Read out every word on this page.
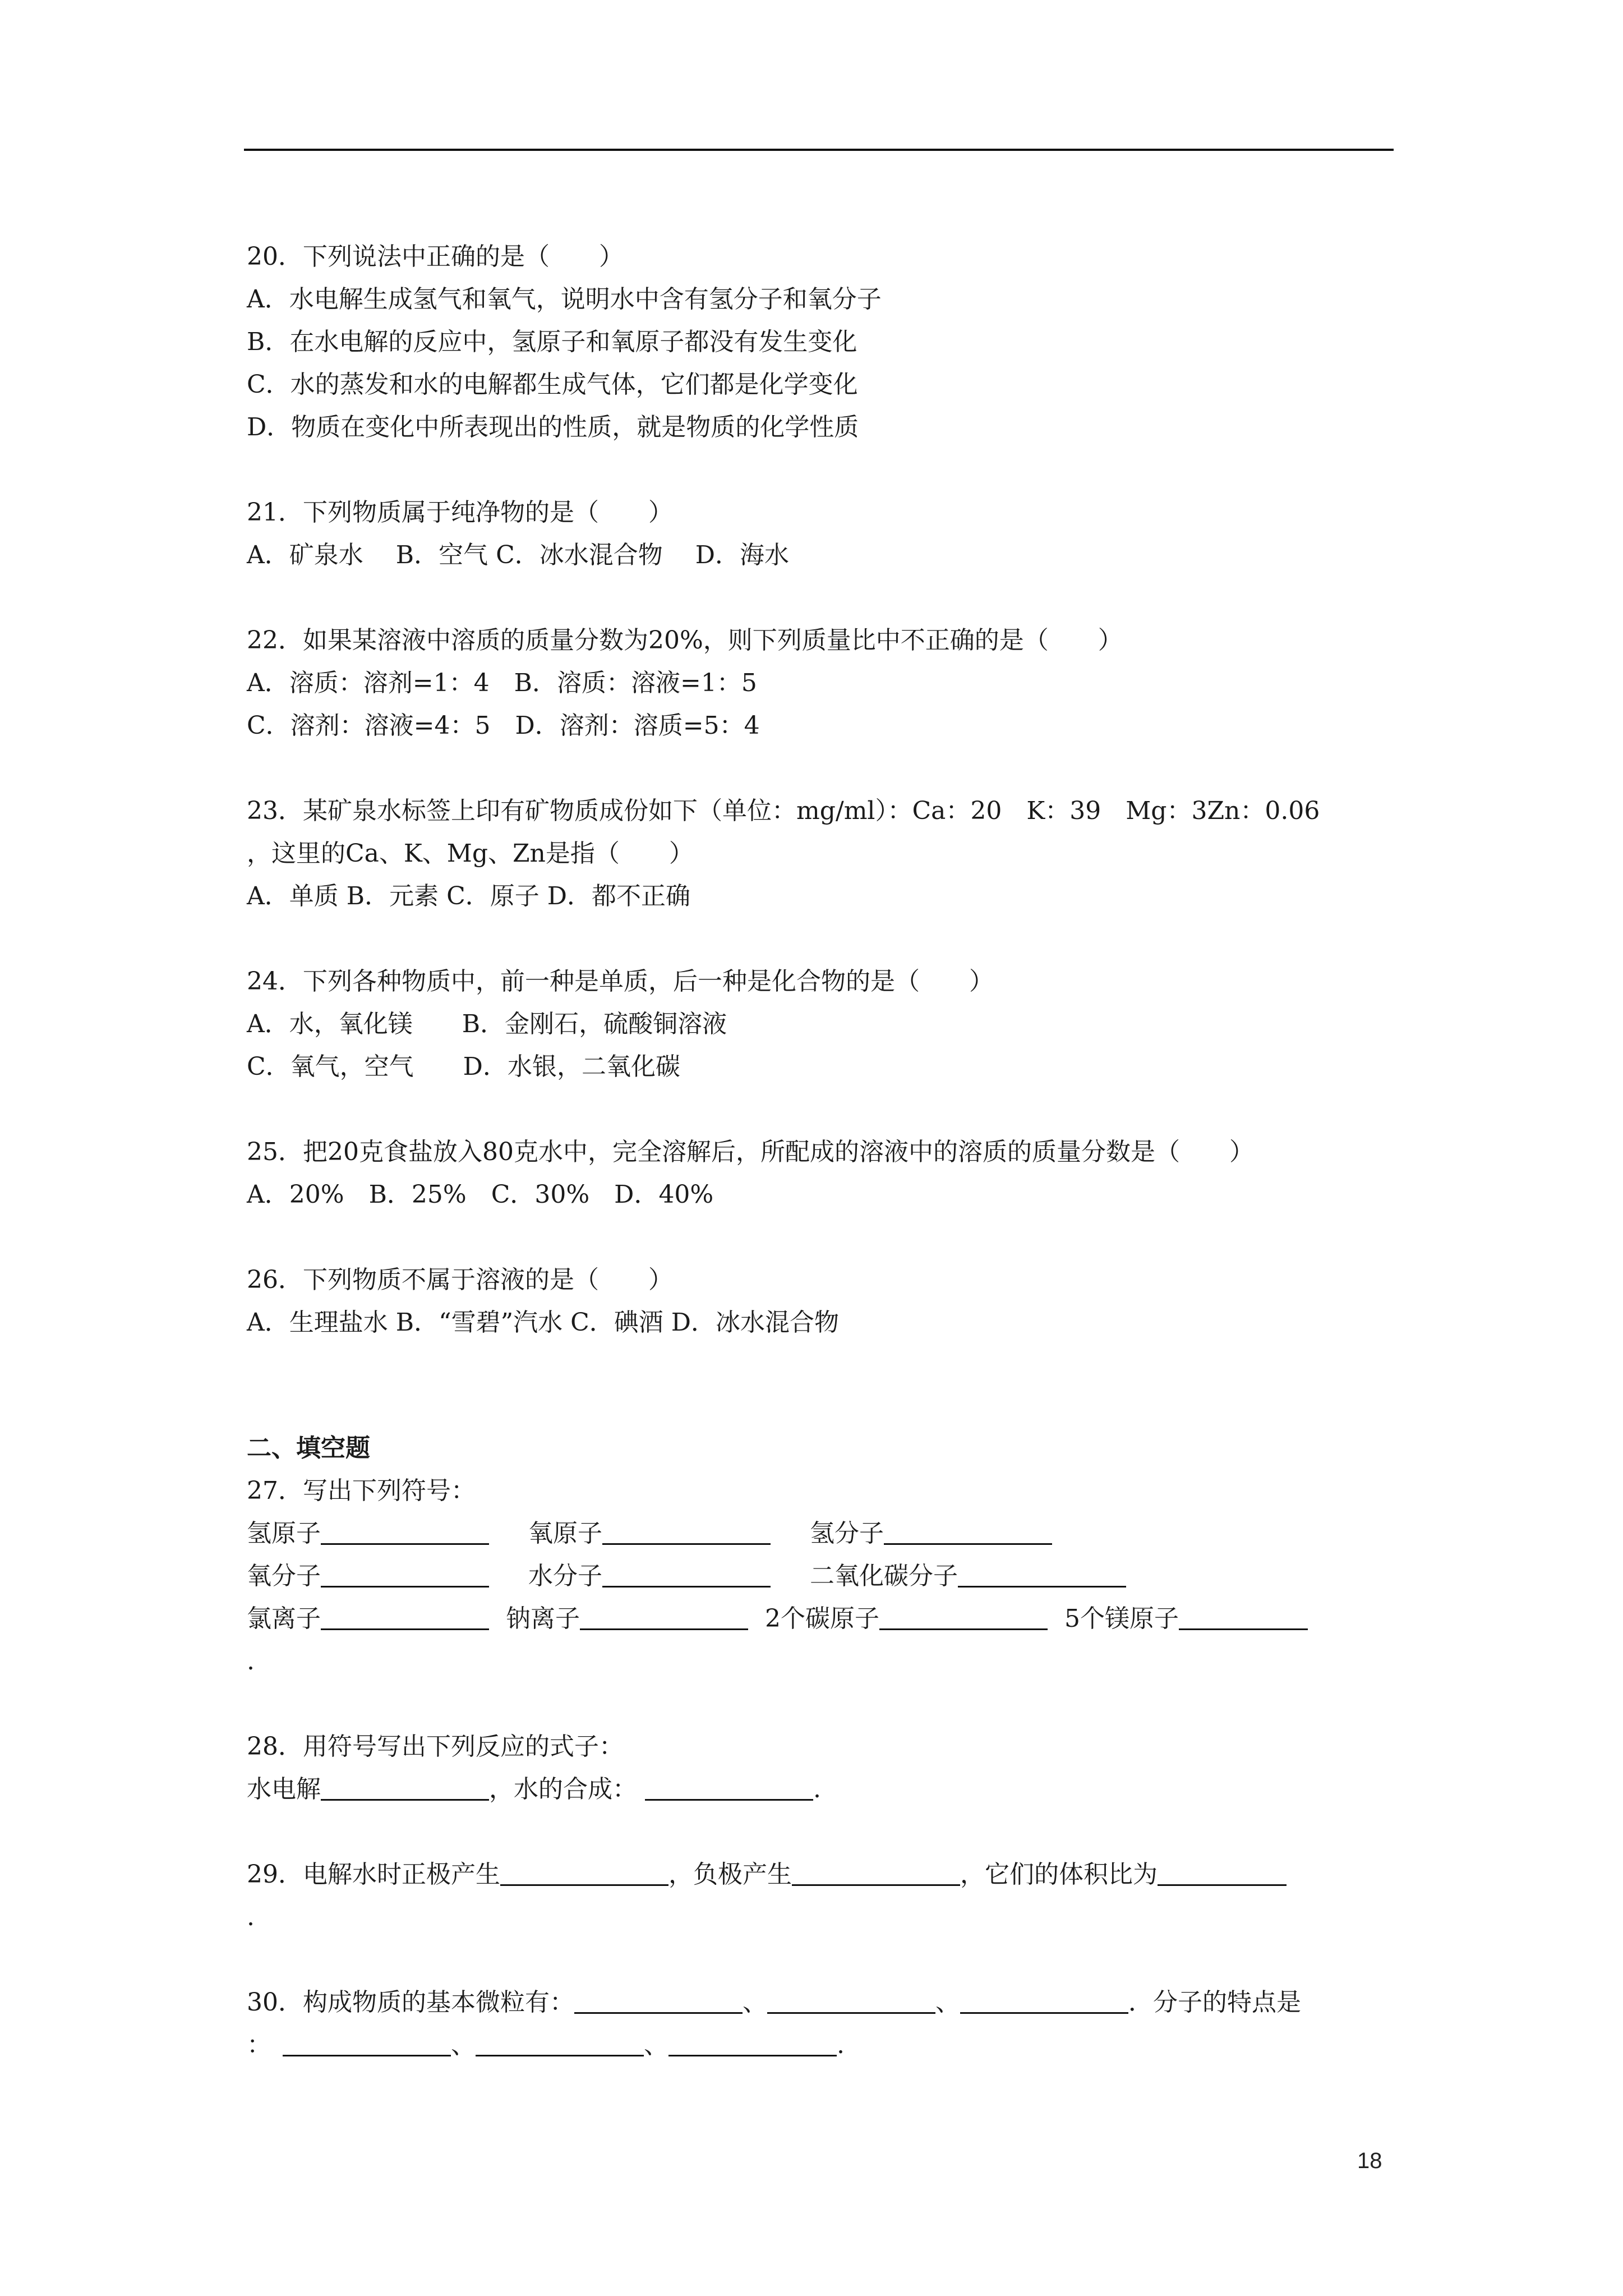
20．下列说法中正确的是（　　）
A．水电解生成氢气和氧气，说明水中含有氢分子和氧分子
B．在水电解的反应中，氢原子和氧原子都没有发生变化
C．水的蒸发和水的电解都生成气体，它们都是化学变化
D．物质在变化中所表现出的性质，就是物质的化学性质
21．下列物质属于纯净物的是（　　）
A．矿泉水　 B．空气 C．冰水混合物　 D．海水
22．如果某溶液中溶质的质量分数为20%，则下列质量比中不正确的是（　　）
A．溶质：溶剂=1：4　B．溶质：溶液=1：5
C．溶剂：溶液=4：5　D．溶剂：溶质=5：4
23．某矿泉水标签上印有矿物质成份如下（单位：mg/ml）：Ca：20　K：39　Mg：3Zn：0.06
，这里的Ca、K、Mg、Zn是指（　　）
A．单质 B．元素 C．原子 D．都不正确
24．下列各种物质中，前一种是单质，后一种是化合物的是（　　）
A．水，氧化镁　　B．金刚石，硫酸铜溶液
C．氧气，空气　　D．水银，二氧化碳
25．把20克食盐放入80克水中，完全溶解后，所配成的溶液中的溶质的质量分数是（　　）
A．20%　B．25%　C．30%　D．40%
26．下列物质不属于溶液的是（　　）
A．生理盐水 B．“雪碧”汽水 C．碘酒 D．冰水混合物
二、填空题
27．写出下列符号：
氢原子	氧原子	氢分子
氧分子	水分子	二氧化碳分子
氯离子	钠离子	2个碳原子	5个镁原子
.
28．用符号写出下列反应的式子：
水电解	，水的合成：	.
29．电解水时正极产生	，负极产生	，它们的体积比为
.
30．构成物质的基本微粒有：	、	、	．分子的特点是
：	、	、	.
18
